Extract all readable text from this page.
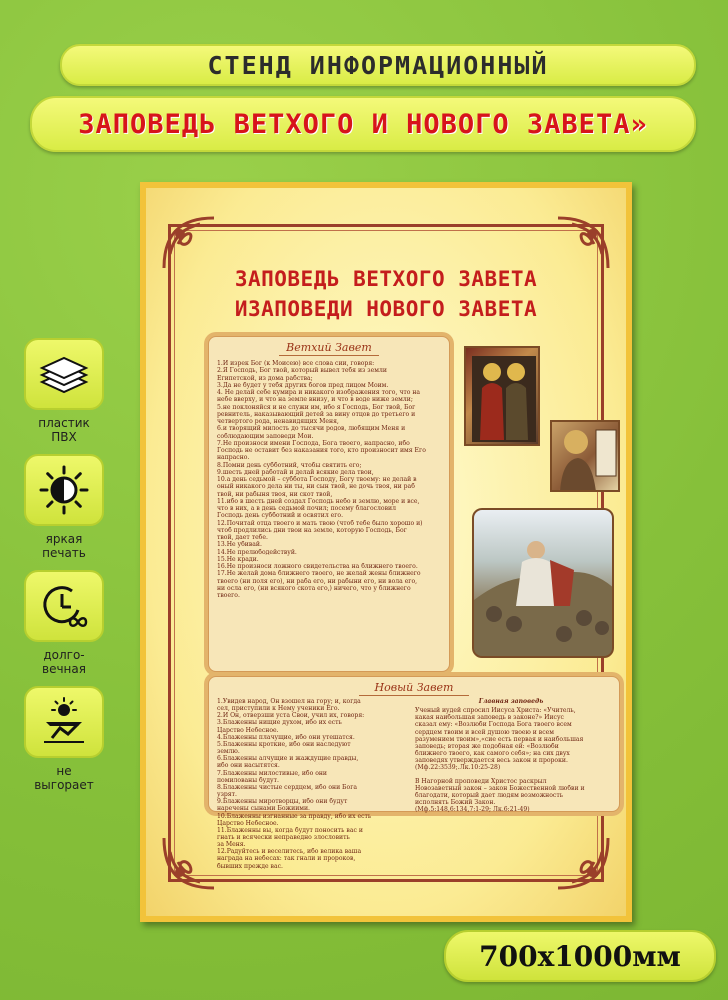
СТЕНД ИНФОРМАЦИОННЫЙ
ЗАПОВЕДЬ ВЕТХОГО И НОВОГО ЗАВЕТА»
пластик
ПВХ
яркая
печать
долго-
вечная
не
выгорает
ЗАПОВЕДЬ ВЕТХОГО ЗАВЕТА
ИЗАПОВЕДИ НОВОГО ЗАВЕТА
Ветхий Завет
1.И изрек Бог (к Моисею) все слова сии, говоря:
2.Я Господь, Бог твой, который вывел тебя из земли
Египетской, из дома рабства;
3.Да не будет у тебя других богов пред лицом Моим.
4. Не делай себе кумира и никакого изображения того, что на
небе вверху, и что на земле внизу, и что в воде ниже земли;
5.не поклоняйся и не служи им, ибо я Господь, Бог твой, Бог
ревнитель, наказывающий детей за вину отцов до третьего и
четвертого рода, ненавидящих Меня,
6.и творящий милость до тысячи родов, любящим Меня и
соблюдающим заповеди Мои.
7.Не произноси имени Господа, Бога твоего, напрасно, ибо
Господь не оставит без наказания того, кто произносит имя Его
напрасно.
8.Помни день субботний, чтобы святить его;
9.шесть дней работай и делай всякие дела твои,
10.а день седьмой – суббота Господу, Богу твоему: не делай в
оный никакого дела ни ты, ни сын твой, не дочь твоя, ни раб
твой, ни рабыня твоя, ни скот твой,
11.ибо в шесть дней создал Господь небо и землю, море и все,
что в них, а в день седьмой почил; посему благословил
Господь день субботний и освятил его.
12.Почитай отца твоего и мать твою (чтоб тебе было хорошо и)
чтоб продлились дни твои на земле, которую Господь, Бог
твой, дает тебе.
13.Не убивай.
14.Не прелюбодействуй.
15.Не кради.
16.Не произноси ложного свидетельства на ближнего твоего.
17.Не желай дома ближнего твоего, не желай жены ближнего
твоего (ни поля его), ни раба его, ни рабыни его, ни вола его,
ни осла его, (ни всякого скота его,) ничего, что у ближнего
твоего.
Новый Завет
1.Увидев народ, Он взошел на гору; и, когда
сел, приступили к Нему ученики Его.
2.И Он, отверзши уста Свои, учил их, говоря:
3.Блаженны нищие духом, ибо их есть
Царство Небесное.
4.Блаженны плачущие, ибо они утешатся.
5.Блаженны кроткие, ибо они наследуют
землю.
6.Блаженны алчущие и жаждущие правды,
ибо они насытятся.
7.Блаженны милостивые, ибо они
помилованы будут.
8.Блаженны чистые сердцем, ибо они Бога
узрят.
9.Блаженны миротворцы, ибо они будут
наречены сынами Божиими.
10.Блаженны изгнанные за правду, ибо их есть
Царство Небесное.
11.Блаженны вы, когда будут поносить вас и
гнать и всячески неправедно злословить
за Меня.
12.Радуйтесь и веселитесь, ибо велика ваша
награда на небесах: так гнали и пророков,
бывших прежде вас.
Главная заповедь
Ученый иудей спросил Иисуса Христа: «Учитель,
какая наибольшая заповедь в законе?» Иисус
сказал ему: «Возлюби Господа Бога твоего всем
сердцем твоим и всей душою твоею и всем
разумением твоим»,«сие есть первая и наибольшая
заповедь; вторая же подобная ей: «Возлюби
ближнего твоего, как самого себя»; на сих двух
заповедях утверждается весь закон и пророки.
(Мф.22:3539;.Лк.10:25-28)
В Нагорной проповеди Христос раскрыл
Новозаветный закон – закон Божественной любви и
благодати, который дает людям возможность
исполнять Божий Закон.
(Мф.5:148,6:134,7:1-29; Лк.6:21-49)
700х1000мм
